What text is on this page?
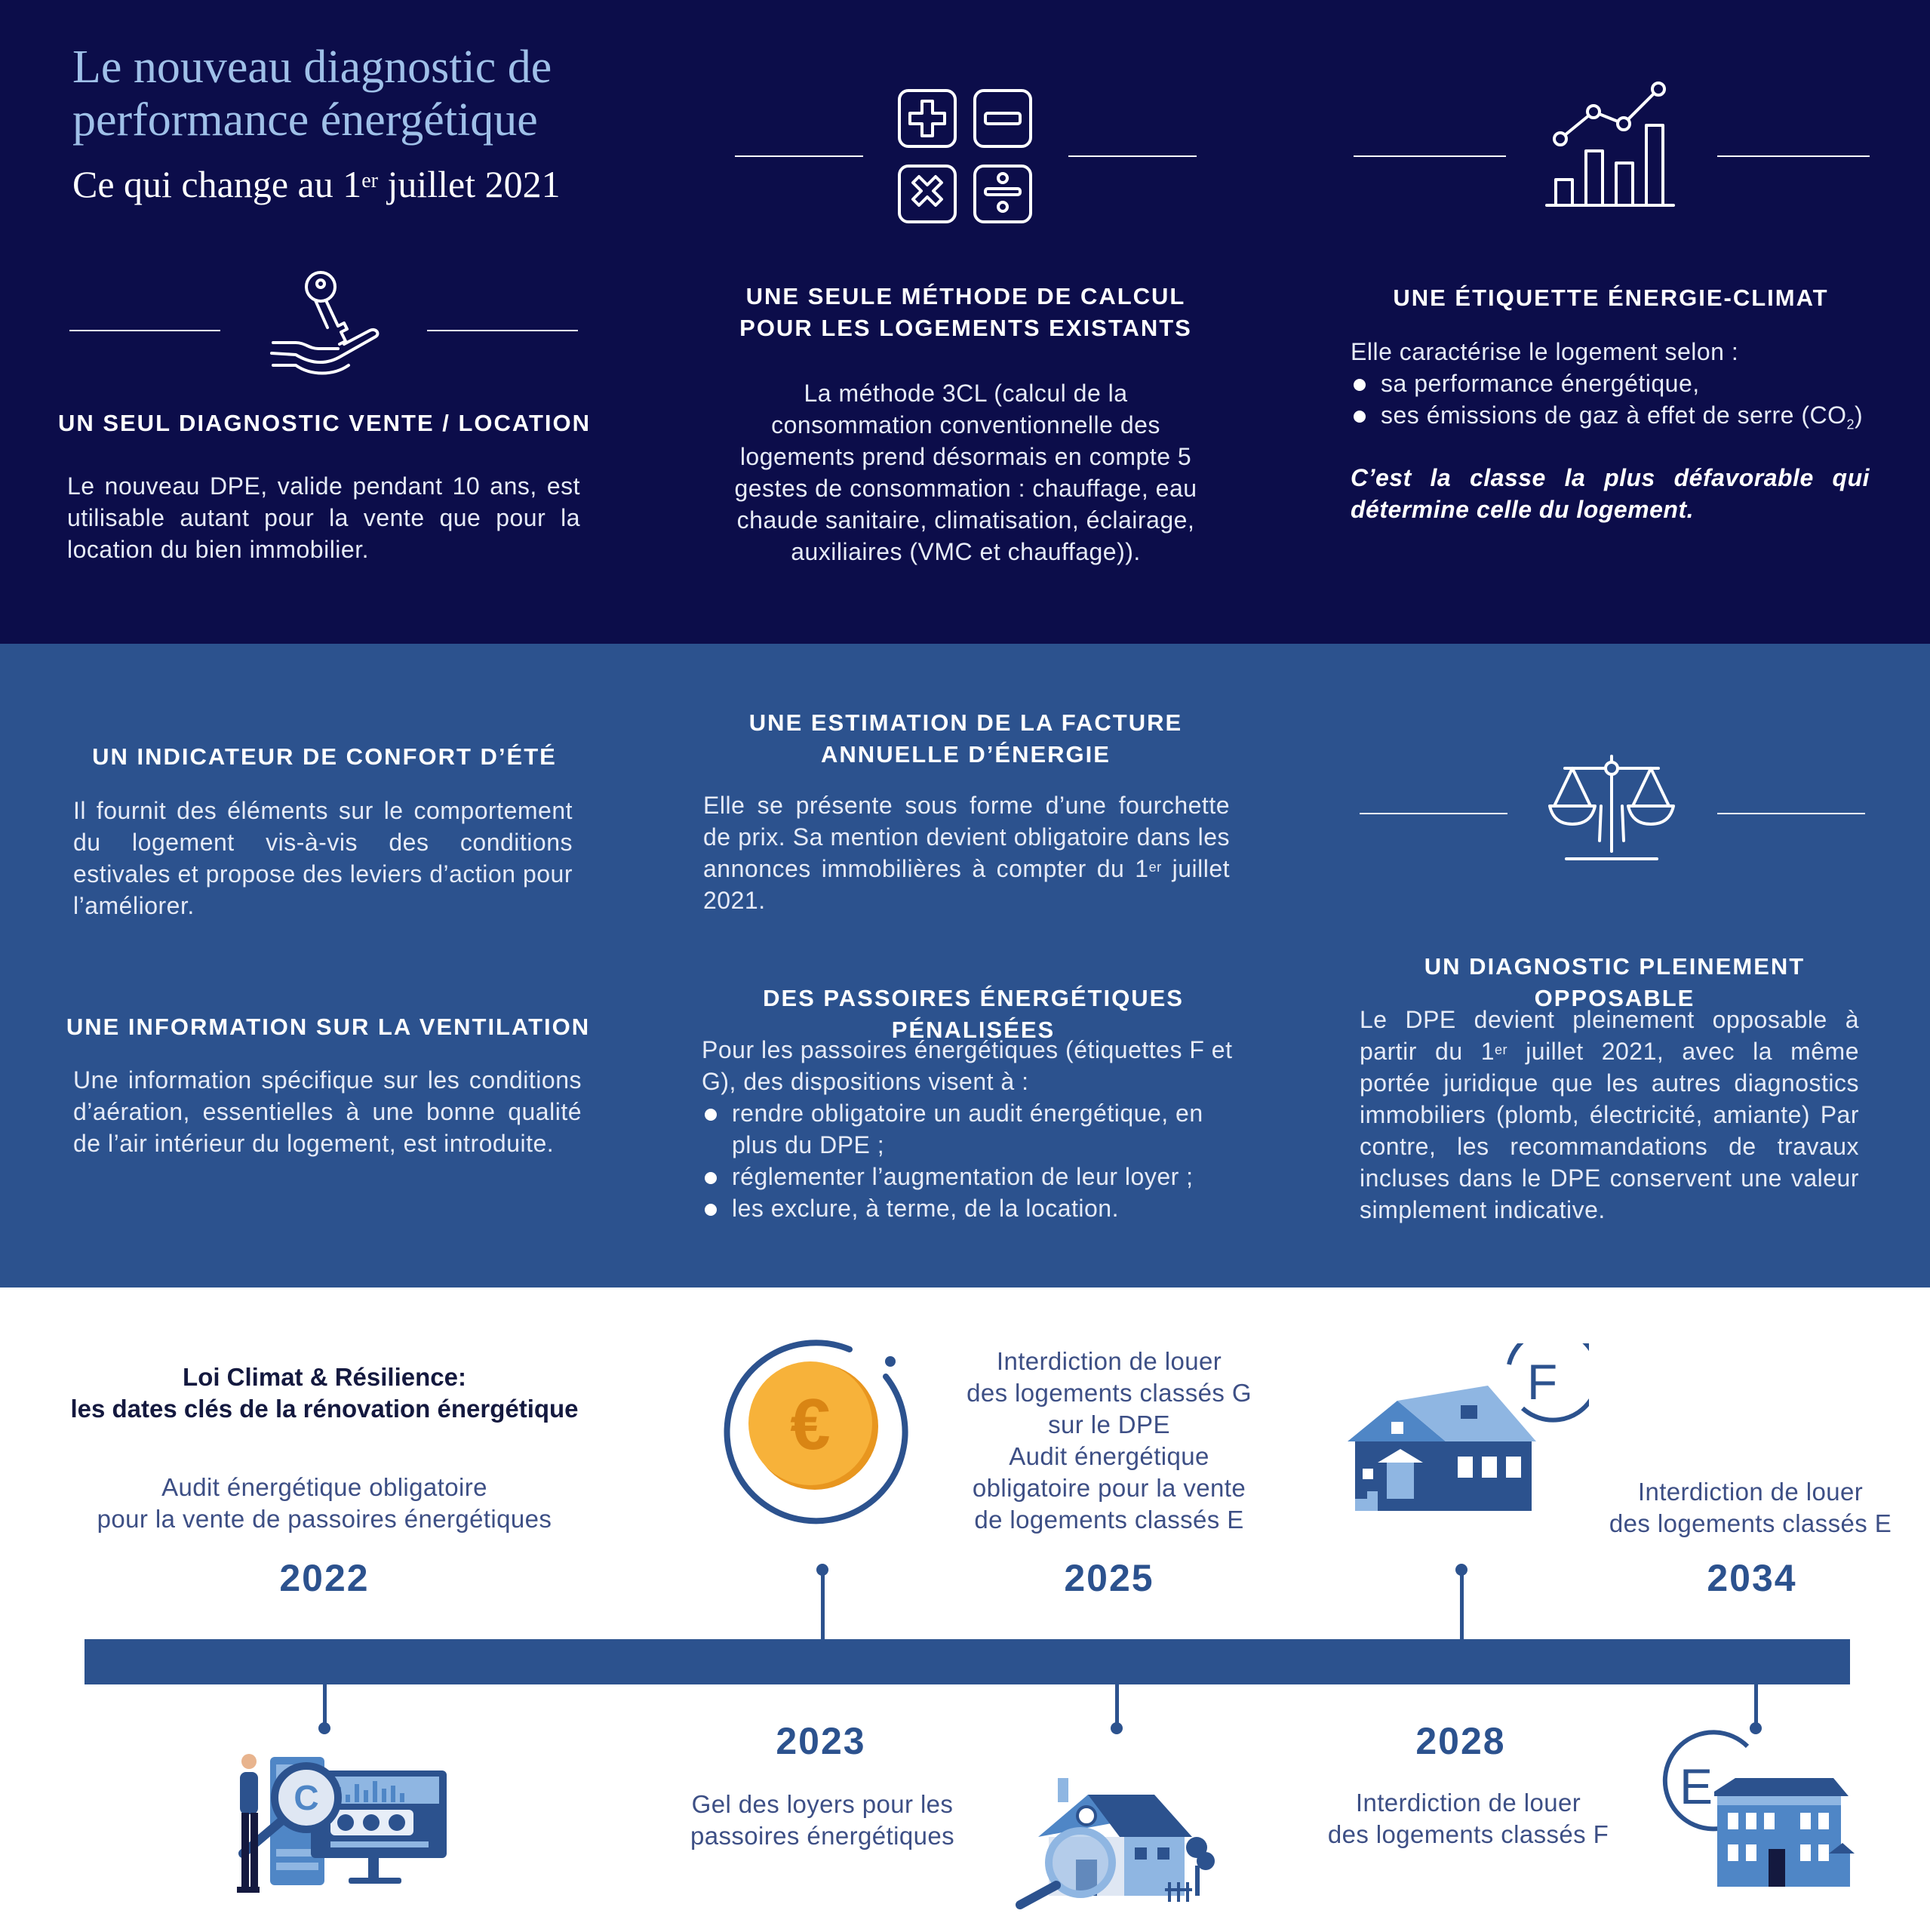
Le nouveau diagnostic de
performance énergétique
Ce qui change au 1er juillet 2021
UN SEUL DIAGNOSTIC VENTE / LOCATION
Le nouveau DPE, valide pendant 10 ans, est utilisable autant pour la vente que pour la location du bien immobilier.
UNE SEULE MÉTHODE DE CALCUL
POUR LES LOGEMENTS EXISTANTS
La méthode 3CL (calcul de la consommation conventionnelle des logements prend désormais en compte 5 gestes de consommation : chauffage, eau chaude sanitaire, climatisation, éclairage, auxiliaires (VMC et chauffage)).
UNE ÉTIQUETTE ÉNERGIE-CLIMAT
Elle caractérise le logement selon :
sa performance énergétique,
ses émissions de gaz à effet de serre $(CO_2)$
C’est la classe la plus défavorable qui détermine celle du logement.
UN INDICATEUR DE CONFORT D’ÉTÉ
Il fournit des éléments sur le comportement du logement vis-à-vis des conditions estivales et propose des leviers d’action pour l’améliorer.
UNE INFORMATION SUR LA VENTILATION
Une information spécifique sur les conditions d’aération, essentielles à une bonne qualité de l’air intérieur du logement, est introduite.
UNE ESTIMATION DE LA FACTURE
ANNUELLE D’ÉNERGIE
Elle se présente sous forme d’une fourchette de prix. Sa mention devient obligatoire dans les annonces immobilières à compter du 1er juillet 2021.
DES PASSOIRES ÉNERGÉTIQUES PÉNALISÉES
Pour les passoires énergétiques (étiquettes F et G), des dispositions visent à :
rendre obligatoire un audit énergétique, en plus du DPE ;
réglementer l’augmentation de leur loyer ;
les exclure, à terme, de la location.
UN DIAGNOSTIC PLEINEMENT OPPOSABLE
Le DPE devient pleinement opposable à partir du 1er juillet 2021, avec la même portée juridique que les autres diagnostics immobiliers (plomb, électricité, amiante) Par contre, les recommandations de travaux incluses dans le DPE conservent une valeur simplement indicative.
Loi Climat & Résilience:
les dates clés de la rénovation énergétique
Audit énergétique obligatoire
pour la vente de passoires énergétiques
2022
€
Interdiction de louer
des logements classés G
sur le DPE
Audit énergétique
obligatoire pour la vente
de logements classés E
2025
F
Interdiction de louer
des logements classés E
2034
2023
Gel des loyers pour les
passoires énergétiques
2028
Interdiction de louer
des logements classés F
C	E
